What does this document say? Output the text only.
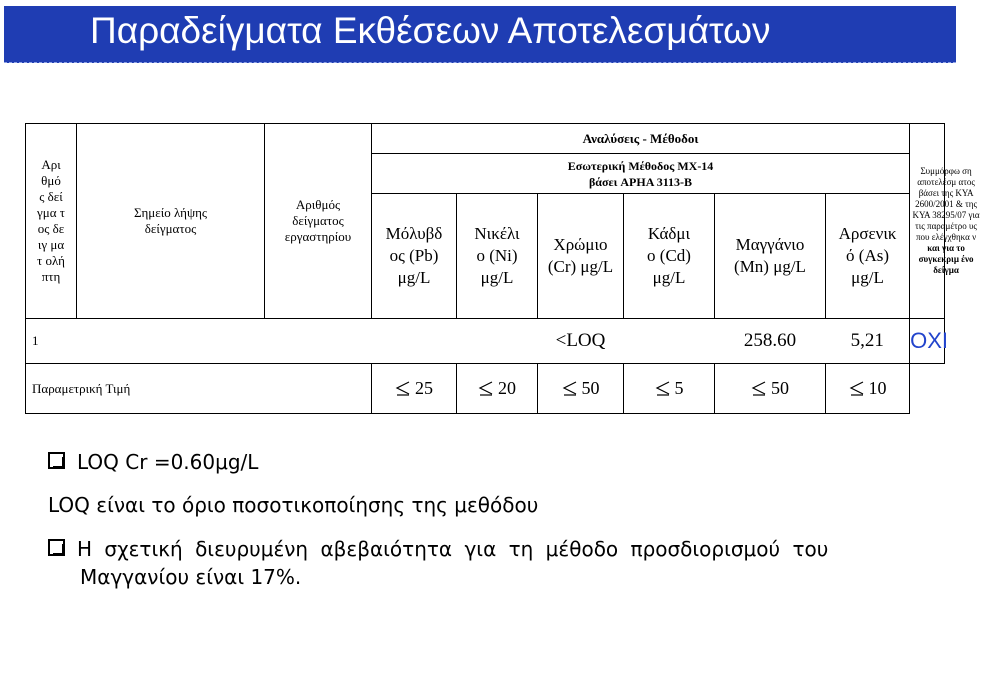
Παραδείγματα Εκθέσεων Αποτελεσμάτων
Αρι θμό ς δεί γμα τος δειγ ματ ολή πτη	Σημείο λήψης δείγματος	Αριθμός δείγματος εργαστηρίου	Αναλύσεις - Μέθοδοι						Συμμόρφω ση αποτελέσμ ατος βάσει της ΚΥΑ 2600/2001 & της ΚΥΑ 38295/07 για τις παραμέτρο υς που ελέγχθηκα ν και για το συγκεκριμ ένο δείγμα

			Εσωτερική Μέθοδος ΜΧ-14 βάσει APHA 3113-B						

			Μόλυβδ ος (Pb) μg/L	Νικέλι ο (Ni) μg/L	Χρώμιο (Cr) μg/L	Κάδμι ο (Cd) μg/L	Μαγγάνιο (Mn) μg/L	Αρσενικ ό (As) μg/L	

1					<LOQ		258.60	5,21	ΟΧΙ
Παραμετρική Τιμή			25	20	50	5	50	10	
LOQ Cr =0.60μg/L
LOQ είναι το όριο ποσοτικοποίησης της μεθόδου
Η σχετική διευρυμένη αβεβαιότητα για τη μέθοδο προσδιορισμού του
Μαγγανίου είναι 17%.
